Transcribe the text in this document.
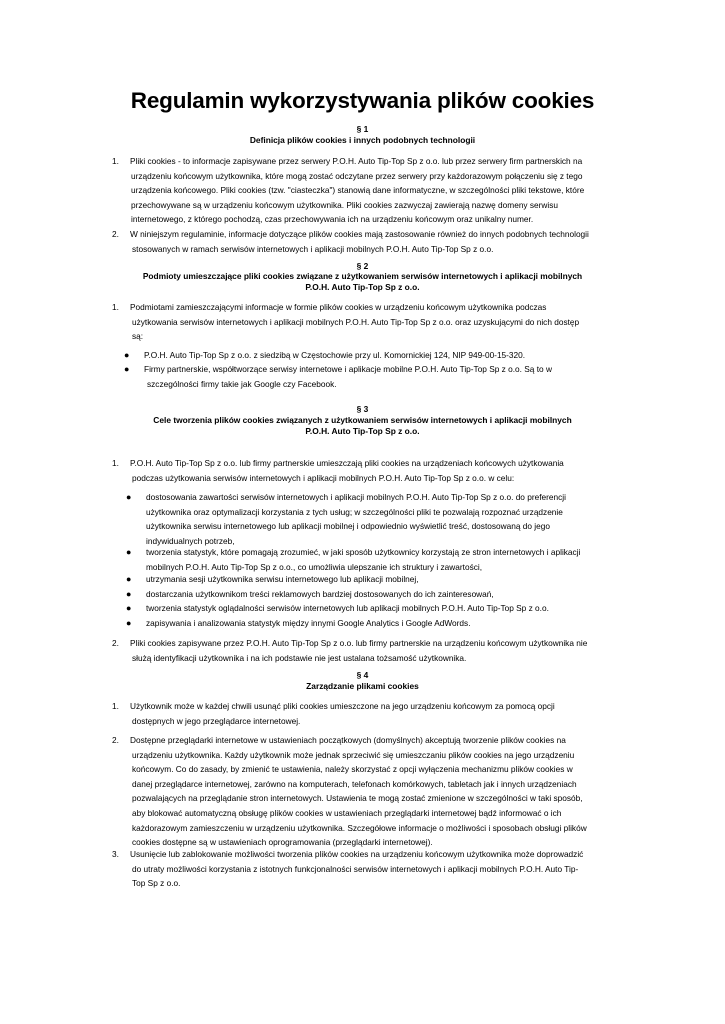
Regulamin wykorzystywania plików cookies
§ 1
Definicja plików cookies i innych podobnych technologii
1. Pliki cookies - to informacje zapisywane przez serwery P.O.H. Auto Tip-Top Sp z o.o. lub przez serwery firm partnerskich na
urządzeniu końcowym użytkownika, które mogą zostać odczytane przez serwery przy każdorazowym połączeniu się z tego
urządzenia końcowego. Pliki cookies (tzw. "ciasteczka") stanowią dane informatyczne, w szczególności pliki tekstowe, które
przechowywane są w urządzeniu końcowym użytkownika. Pliki cookies zazwyczaj zawierają nazwę domeny serwisu
internetowego, z którego pochodzą, czas przechowywania ich na urządzeniu końcowym oraz unikalny numer.
2. W niniejszym regulaminie, informacje dotyczące plików cookies mają zastosowanie również do innych podobnych technologii
stosowanych w ramach serwisów internetowych i aplikacji mobilnych P.O.H. Auto Tip-Top Sp z o.o.
§ 2
Podmioty umieszczające pliki cookies związane z użytkowaniem serwisów internetowych i aplikacji mobilnych
P.O.H. Auto Tip-Top Sp z o.o.
1. Podmiotami zamieszczającymi informacje w formie plików cookies w urządzeniu końcowym użytkownika podczas
użytkowania serwisów internetowych i aplikacji mobilnych P.O.H. Auto Tip-Top Sp z o.o. oraz uzyskującymi do nich dostęp
są:
● P.O.H. Auto Tip-Top Sp z o.o. z siedzibą w Częstochowie przy ul. Komornickiej 124, NIP 949-00-15-320.
● Firmy partnerskie, współtworzące serwisy internetowe i aplikacje mobilne P.O.H. Auto Tip-Top Sp z o.o. Są to w
szczególności firmy takie jak Google czy Facebook.
§ 3
Cele tworzenia plików cookies związanych z użytkowaniem serwisów internetowych i aplikacji mobilnych
P.O.H. Auto Tip-Top Sp z o.o.
1. P.O.H. Auto Tip-Top Sp z o.o. lub firmy partnerskie umieszczają pliki cookies na urządzeniach końcowych użytkowania
podczas użytkowania serwisów internetowych i aplikacji mobilnych P.O.H. Auto Tip-Top Sp z o.o. w celu:
● dostosowania zawartości serwisów internetowych i aplikacji mobilnych P.O.H. Auto Tip-Top Sp z o.o. do preferencji
użytkownika oraz optymalizacji korzystania z tych usług; w szczególności pliki te pozwalają rozpoznać urządzenie
użytkownika serwisu internetowego lub aplikacji mobilnej i odpowiednio wyświetlić treść, dostosowaną do jego
indywidualnych potrzeb,
● tworzenia statystyk, które pomagają zrozumieć, w jaki sposób użytkownicy korzystają ze stron internetowych i aplikacji
mobilnych P.O.H. Auto Tip-Top Sp z o.o., co umożliwia ulepszanie ich struktury i zawartości,
● utrzymania sesji użytkownika serwisu internetowego lub aplikacji mobilnej,
● dostarczania użytkownikom treści reklamowych bardziej dostosowanych do ich zainteresowań,
● tworzenia statystyk oglądalności serwisów internetowych lub aplikacji mobilnych P.O.H. Auto Tip-Top Sp z o.o.
● zapisywania i analizowania statystyk między innymi Google Analytics i Google AdWords.
2. Pliki cookies zapisywane przez P.O.H. Auto Tip-Top Sp z o.o. lub firmy partnerskie na urządzeniu końcowym użytkownika nie
służą identyfikacji użytkownika i na ich podstawie nie jest ustalana tożsamość użytkownika.
§ 4
Zarządzanie plikami cookies
1. Użytkownik może w każdej chwili usunąć pliki cookies umieszczone na jego urządzeniu końcowym za pomocą opcji
dostępnych w jego przeglądarce internetowej.
2. Dostępne przeglądarki internetowe w ustawieniach początkowych (domyślnych) akceptują tworzenie plików cookies na
urządzeniu użytkownika. Każdy użytkownik może jednak sprzeciwić się umieszczaniu plików cookies na jego urządzeniu
końcowym. Co do zasady, by zmienić te ustawienia, należy skorzystać z opcji wyłączenia mechanizmu plików cookies w
danej przeglądarce internetowej, zarówno na komputerach, telefonach komórkowych, tabletach jak i innych urządzeniach
pozwalających na przeglądanie stron internetowych. Ustawienia te mogą zostać zmienione w szczególności w taki sposób,
aby blokować automatyczną obsługę plików cookies w ustawieniach przeglądarki internetowej bądź informować o ich
każdorazowym zamieszczeniu w urządzeniu użytkownika. Szczegółowe informacje o możliwości i sposobach obsługi plików
cookies dostępne są w ustawieniach oprogramowania (przeglądarki internetowej).
3. Usunięcie lub zablokowanie możliwości tworzenia plików cookies na urządzeniu końcowym użytkownika może doprowadzić
do utraty możliwości korzystania z istotnych funkcjonalności serwisów internetowych i aplikacji mobilnych P.O.H. Auto Tip-
Top Sp z o.o.
